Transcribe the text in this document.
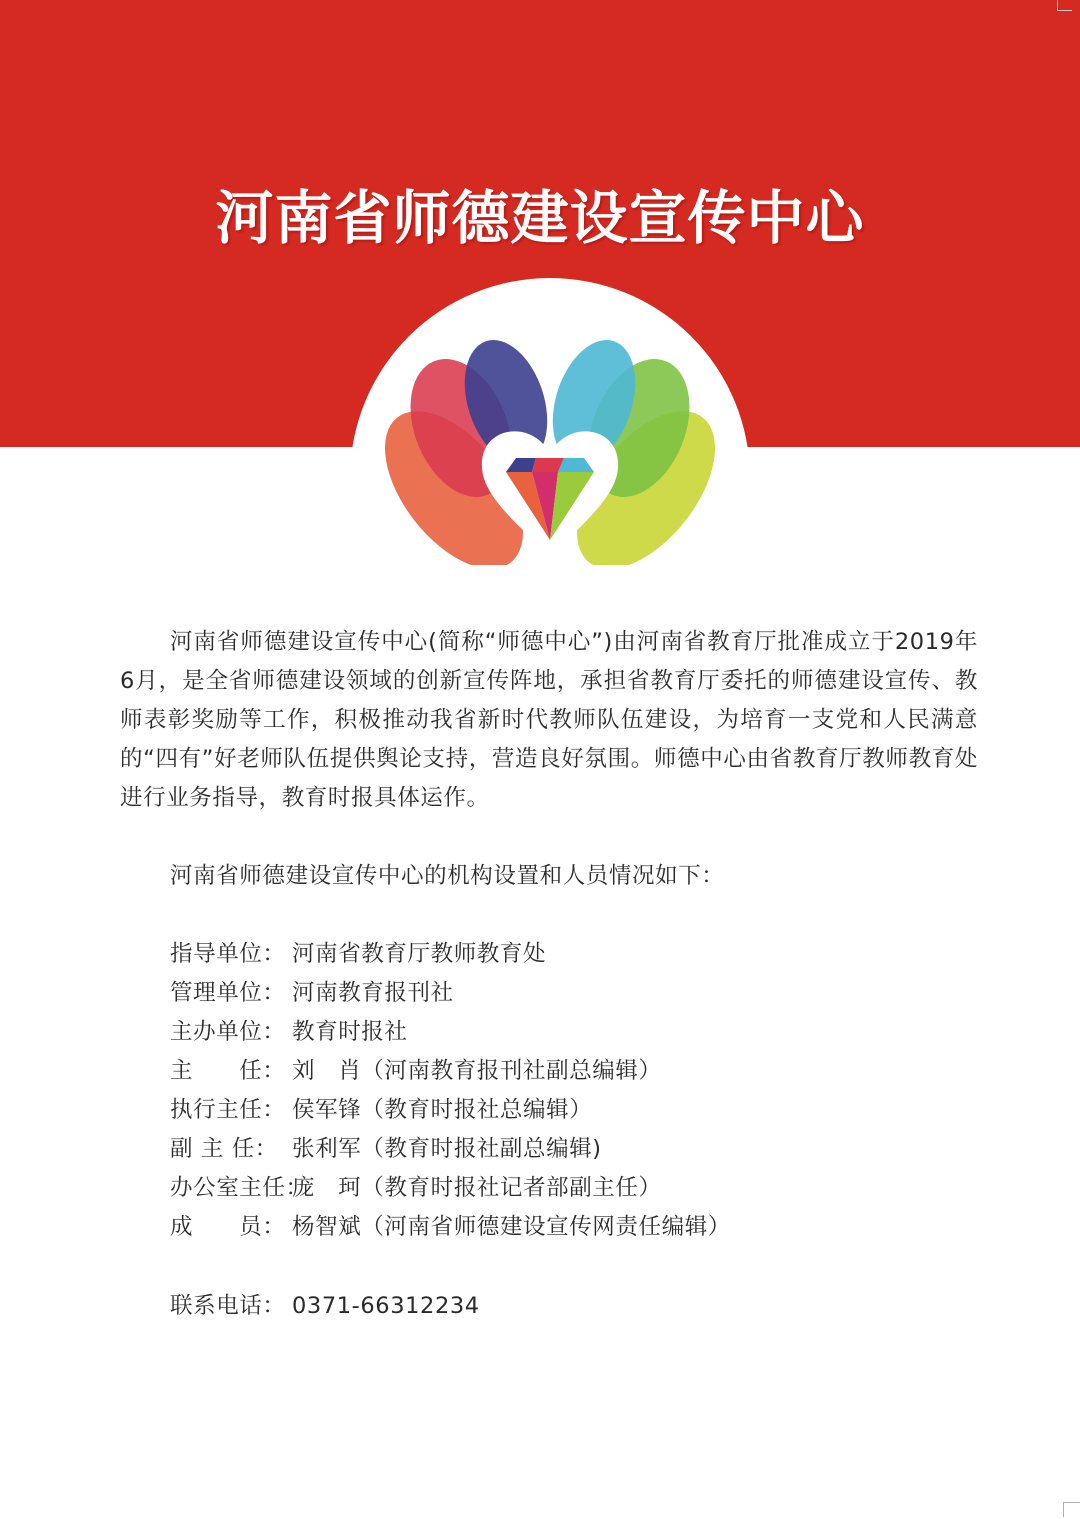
河南省师德建设宣传中心

河南省师德建设宣传中心(简称“师德中心”)由河南省教育厅批准成立于2019年6月，是全省师德建设领域的创新宣传阵地，承担省教育厅委托的师德建设宣传、教师表彰奖励等工作，积极推动我省新时代教师队伍建设，为培育一支党和人民满意的“四有”好老师队伍提供舆论支持，营造良好氛围。师德中心由省教育厅教师教育处进行业务指导，教育时报具体运作。

河南省师德建设宣传中心的机构设置和人员情况如下：

指导单位： 河南省教育厅教师教育处
管理单位： 河南教育报刊社
主办单位： 教育时报社
主　　任： 刘　肖（河南教育报刊社副总编辑）
执行主任： 侯军锋（教育时报社总编辑）
副 主 任： 张利军（教育时报社副总编辑)
办公室主任：
庞　珂（教育时报社记者部副主任）
成　　员： 杨智斌（河南省师德建设宣传网责任编辑）

联系电话： 0371-66312234
